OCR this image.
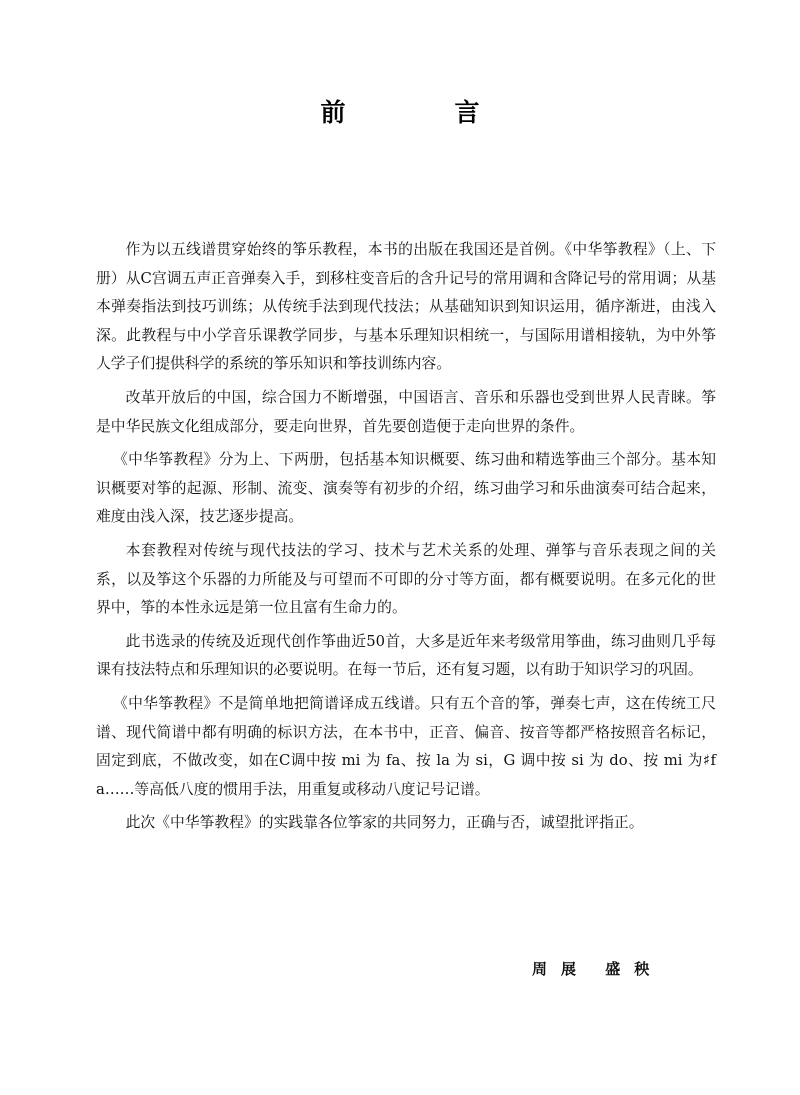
前　言

作为以五线谱贯穿始终的筝乐教程，本书的出版在我国还是首例。《中华筝教程》（上、下册）从C宫调五声正音弹奏入手，到移柱变音后的含升记号的常用调和含降记号的常用调；从基本弹奏指法到技巧训练；从传统手法到现代技法；从基础知识到知识运用，循序渐进，由浅入深。此教程与中小学音乐课教学同步，与基本乐理知识相统一，与国际用谱相接轨，为中外筝人学子们提供科学的系统的筝乐知识和筝技训练内容。

改革开放后的中国，综合国力不断增强，中国语言、音乐和乐器也受到世界人民青睐。筝是中华民族文化组成部分，要走向世界，首先要创造便于走向世界的条件。

《中华筝教程》分为上、下两册，包括基本知识概要、练习曲和精选筝曲三个部分。基本知识概要对筝的起源、形制、流变、演奏等有初步的介绍，练习曲学习和乐曲演奏可结合起来，难度由浅入深，技艺逐步提高。

本套教程对传统与现代技法的学习、技术与艺术关系的处理、弹筝与音乐表现之间的关系，以及筝这个乐器的力所能及与可望而不可即的分寸等方面，都有概要说明。在多元化的世界中，筝的本性永远是第一位且富有生命力的。

此书选录的传统及近现代创作筝曲近50首，大多是近年来考级常用筝曲，练习曲则几乎每课有技法特点和乐理知识的必要说明。在每一节后，还有复习题，以有助于知识学习的巩固。

《中华筝教程》不是简单地把简谱译成五线谱。只有五个音的筝，弹奏七声，这在传统工尺谱、现代简谱中都有明确的标识方法，在本书中，正音、偏音、按音等都严格按照音名标记，固定到底，不做改变，如在C调中按 mi 为 fa、按 la 为 si，G 调中按 si 为 do、按 mi 为♯fa……等高低八度的惯用手法，用重复或移动八度记号记谱。

此次《中华筝教程》的实践靠各位筝家的共同努力，正确与否，诚望批评指正。

周展 盛秧
